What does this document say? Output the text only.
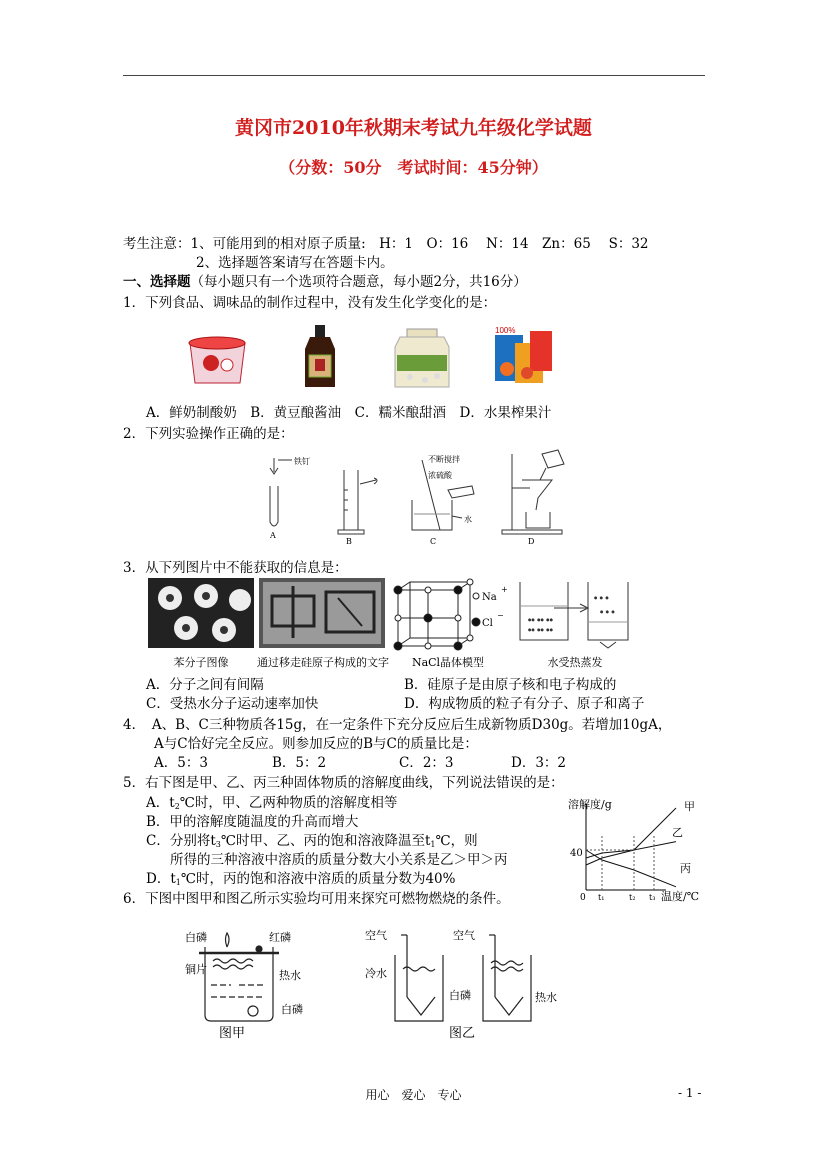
黄冈市2010年秋期末考试九年级化学试题
（分数：50分　考试时间：45分钟）
考生注意：1、可能用到的相对原子质量:　H：1　O：16　 N：14　Zn：65　 S：32
2、选择题答案请写在答题卡内。
一、选择题（每小题只有一个选项符合题意，每小题2分，共16分）
1．下列食品、调味品的制作过程中，没有发生化学变化的是：
100%
A．鲜奶制酸奶　B．黄豆酿酱油　C．糯米酿甜酒　D．水果榨果汁
2．下列实验操作正确的是：
铁钉
A
B
不断搅拌
浓硫酸
水
C	D
3．从下列图片中不能获取的信息是：
Na
+
Cl
−	∘∘ ∘∘ ∘∘
∘∘ ∘∘ ∘∘
∘ ∘ ∘
∘ ∘ ∘
苯分子图像	通过移走硅原子构成的文字	NaCl晶体模型	水受热蒸发
A．分子之间有间隔	B．硅原子是由原子核和电子构成的
C．受热水分子运动速率加快	D．构成物质的粒子有分子、原子和离子
4．　A、B、C三种物质各15g，在一定条件下充分反应后生成新物质D30g。若增加10gA，
A与C恰好完全反应。则参加反应的B与C的质量比是：
A．5：3	B．5：2	C．2：3	D．3：2
5．右下图是甲、乙、丙三种固体物质的溶解度曲线，下列说法错误的是：
A．$t_2℃$时，甲、乙两种物质的溶解度相等
B．甲的溶解度随温度的升高而增大
C．分别将$t_3℃$时甲、乙、丙的饱和溶液降温至$t_1℃$，则
所得的三种溶液中溶质的质量分数大小关系是乙＞甲＞丙
D．$t_1℃$时，丙的饱和溶液中溶质的质量分数为40%
溶解度/g
温度/℃
40
0 t₁	t₂ t₃
甲
乙
丙
6．下图中图甲和图乙所示实验均可用来探究可燃物燃烧的条件。
白磷	红磷
铜片	热水
白磷
图甲
空气	空气
冷水
白磷	热水
图乙
用心　爱心　专心	- 1 -
